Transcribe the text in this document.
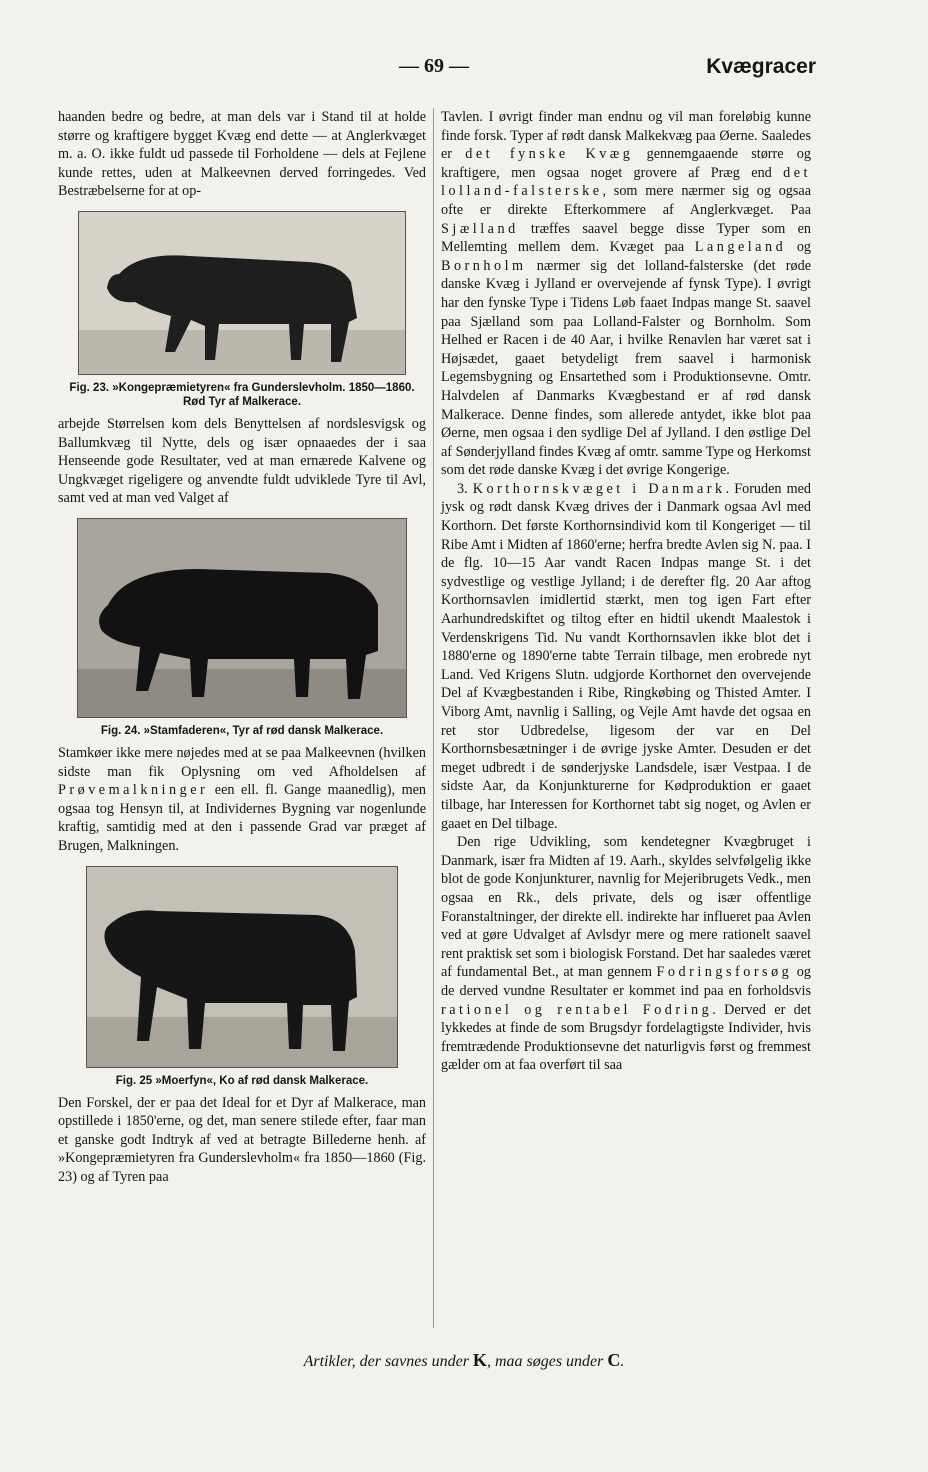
— 69 —	Kvægracer

haanden bedre og bedre, at man dels var i Stand til at holde større og kraftigere bygget Kvæg end dette — at Anglerkvæget m. a. O. ikke fuldt ud passede til Forholdene — dels at Fejlene kunde rettes, uden at Malkeevnen derved forringedes. Ved Bestræbelserne for at op-

Fig. 23. »Kongepræmietyren« fra Gunderslevholm. 1850—1860. Rød Tyr af Malkerace.

arbejde Størrelsen kom dels Benyttelsen af nordslesvigsk og Ballumkvæg til Nytte, dels og især opnaaedes der i saa Henseende gode Resultater, ved at man ernærede Kalvene og Ungkvæget rigeligere og anvendte fuldt udviklede Tyre til Avl, samt ved at man ved Valget af

Fig. 24. »Stamfaderen«, Tyr af rød dansk Malkerace.

Stamkøer ikke mere nøjedes med at se paa Malkeevnen (hvilken sidste man fik Oplysning om ved Afholdelsen af Prøvemalkninger een ell. fl. Gange maanedlig), men ogsaa tog Hensyn til, at Individernes Bygning var nogenlunde kraftig, samtidig med at den i passende Grad var præget af Brugen, Malkningen.

Fig. 25 »Moerfyn«, Ko af rød dansk Malkerace.

Den Forskel, der er paa det Ideal for et Dyr af Malkerace, man opstillede i 1850'erne, og det, man senere stilede efter, faar man et ganske godt Indtryk af ved at betragte Billederne henh. af »Kongepræmietyren fra Gunderslevholm« fra 1850—1860 (Fig. 23) og af Tyren paa

Tavlen. I øvrigt finder man endnu og vil man foreløbig kunne finde forsk. Typer af rødt dansk Malkekvæg paa Øerne. Saaledes er det fynske Kvæg gennemgaaende større og kraftigere, men ogsaa noget grovere af Præg end det lolland-falsterske, som mere nærmer sig og ogsaa ofte er direkte Efterkommere af Anglerkvæget. Paa Sjælland træffes saavel begge disse Typer som en Mellemting mellem dem. Kvæget paa Langeland og Bornholm nærmer sig det lolland-falsterske (det røde danske Kvæg i Jylland er overvejende af fynsk Type). I øvrigt har den fynske Type i Tidens Løb faaet Indpas mange St. saavel paa Sjælland som paa Lolland-Falster og Bornholm. Som Helhed er Racen i de 40 Aar, i hvilke Renavlen har været sat i Højsædet, gaaet betydeligt frem saavel i harmonisk Legemsbygning og Ensartethed som i Produktionsevne. Omtr. Halvdelen af Danmarks Kvægbestand er af rød dansk Malkerace. Denne findes, som allerede antydet, ikke blot paa Øerne, men ogsaa i den sydlige Del af Jylland. I den østlige Del af Sønderjylland findes Kvæg af omtr. samme Type og Herkomst som det røde danske Kvæg i det øvrige Kongerige.

3. Korthornskvæget i Danmark. Foruden med jysk og rødt dansk Kvæg drives der i Danmark ogsaa Avl med Korthorn. Det første Korthornsindivid kom til Kongeriget — til Ribe Amt i Midten af 1860'erne; herfra bredte Avlen sig N. paa. I de flg. 10—15 Aar vandt Racen Indpas mange St. i det sydvestlige og vestlige Jylland; i de derefter flg. 20 Aar aftog Korthornsavlen imidlertid stærkt, men tog igen Fart efter Aarhundredskiftet og tiltog efter en hidtil ukendt Maalestok i Verdenskrigens Tid. Nu vandt Korthornsavlen ikke blot det i 1880'erne og 1890'erne tabte Terrain tilbage, men erobrede nyt Land. Ved Krigens Slutn. udgjorde Korthornet den overvejende Del af Kvægbestanden i Ribe, Ringkøbing og Thisted Amter. I Viborg Amt, navnlig i Salling, og Vejle Amt havde det ogsaa en ret stor Udbredelse, ligesom der var en Del Korthornsbesætninger i de øvrige jyske Amter. Desuden er det meget udbredt i de sønderjyske Landsdele, især Vestpaa. I de sidste Aar, da Konjunkturerne for Kødproduktion er gaaet tilbage, har Interessen for Korthornet tabt sig noget, og Avlen er gaaet en Del tilbage.

Den rige Udvikling, som kendetegner Kvægbruget i Danmark, især fra Midten af 19. Aarh., skyldes selvfølgelig ikke blot de gode Konjunkturer, navnlig for Mejeribrugets Vedk., men ogsaa en Rk., dels private, dels og især offentlige Foranstaltninger, der direkte ell. indirekte har influeret paa Avlen ved at gøre Udvalget af Avlsdyr mere og mere rationelt saavel rent praktisk set som i biologisk Forstand. Det har saaledes været af fundamental Bet., at man gennem Fodringsforsøg og de derved vundne Resultater er kommet ind paa en forholdsvis rationel og rentabel Fodring. Derved er det lykkedes at finde de som Brugsdyr fordelagtigste Individer, hvis fremtrædende Produktionsevne det naturligvis først og fremmest gælder om at faa overført til saa

Artikler, der savnes under K, maa søges under C.
